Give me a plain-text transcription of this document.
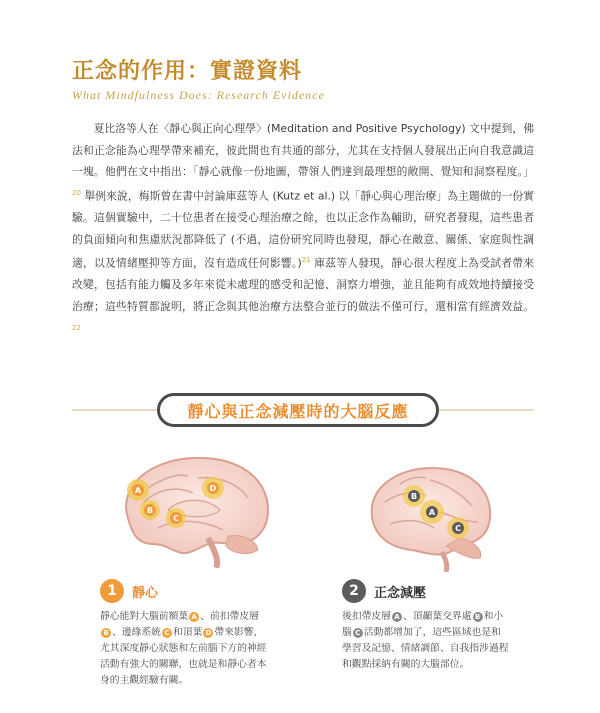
正念的作用：實證資料
What Mindfulness Does: Research Evidence
夏比洛等人在〈靜心與正向心理學〉(Meditation and Positive Psychology) 文中提到，佛法和正念能為心理學帶來補充，彼此間也有共通的部分，尤其在支持個人發展出正向自我意識這一塊。他們在文中指出：「靜心就像一份地圖，帶領人們達到最理想的敞開、覺知和洞察程度。」$^{20}$ 舉例來說，梅斯曾在書中討論庫茲等人 (Kutz et al.) 以「靜心與心理治療」為主題做的一份實驗。這個實驗中，二十位患者在接受心理治療之餘，也以正念作為輔助，研究者發現，這些患者的負面傾向和焦慮狀況都降低了 (不過，這份研究同時也發現，靜心在敵意、關係、家庭與性調適，以及情緒壓抑等方面，沒有造成任何影響。)$^{21}$ 庫茲等人發現，靜心很大程度上為受試者帶來改變，包括有能力觸及多年來從未處理的感受和記憶、洞察力增強，並且能夠有成效地持續接受治療；這些特質都說明，將正念與其他治療方法整合並行的做法不僅可行，還相當有經濟效益。$^{22}$
靜心與正念減壓時的大腦反應
A
B
C
D
A
B
C
1	靜心
靜心能對大腦前額葉 A 、前扣帶皮層B 、邊緣系統 C 和頂葉 D 帶來影響，尤其深度靜心狀態和左前腦下方的神經活動有強大的關聯，也就是和靜心者本身的主觀經驗有關。
2	正念減壓
後扣帶皮層 A 、頂顳葉交界處 B 和小腦 C 活動都增加了，這些區域也是和學習及記憶、情緒調節、自我指涉過程和觀點採納有關的大腦部位。
